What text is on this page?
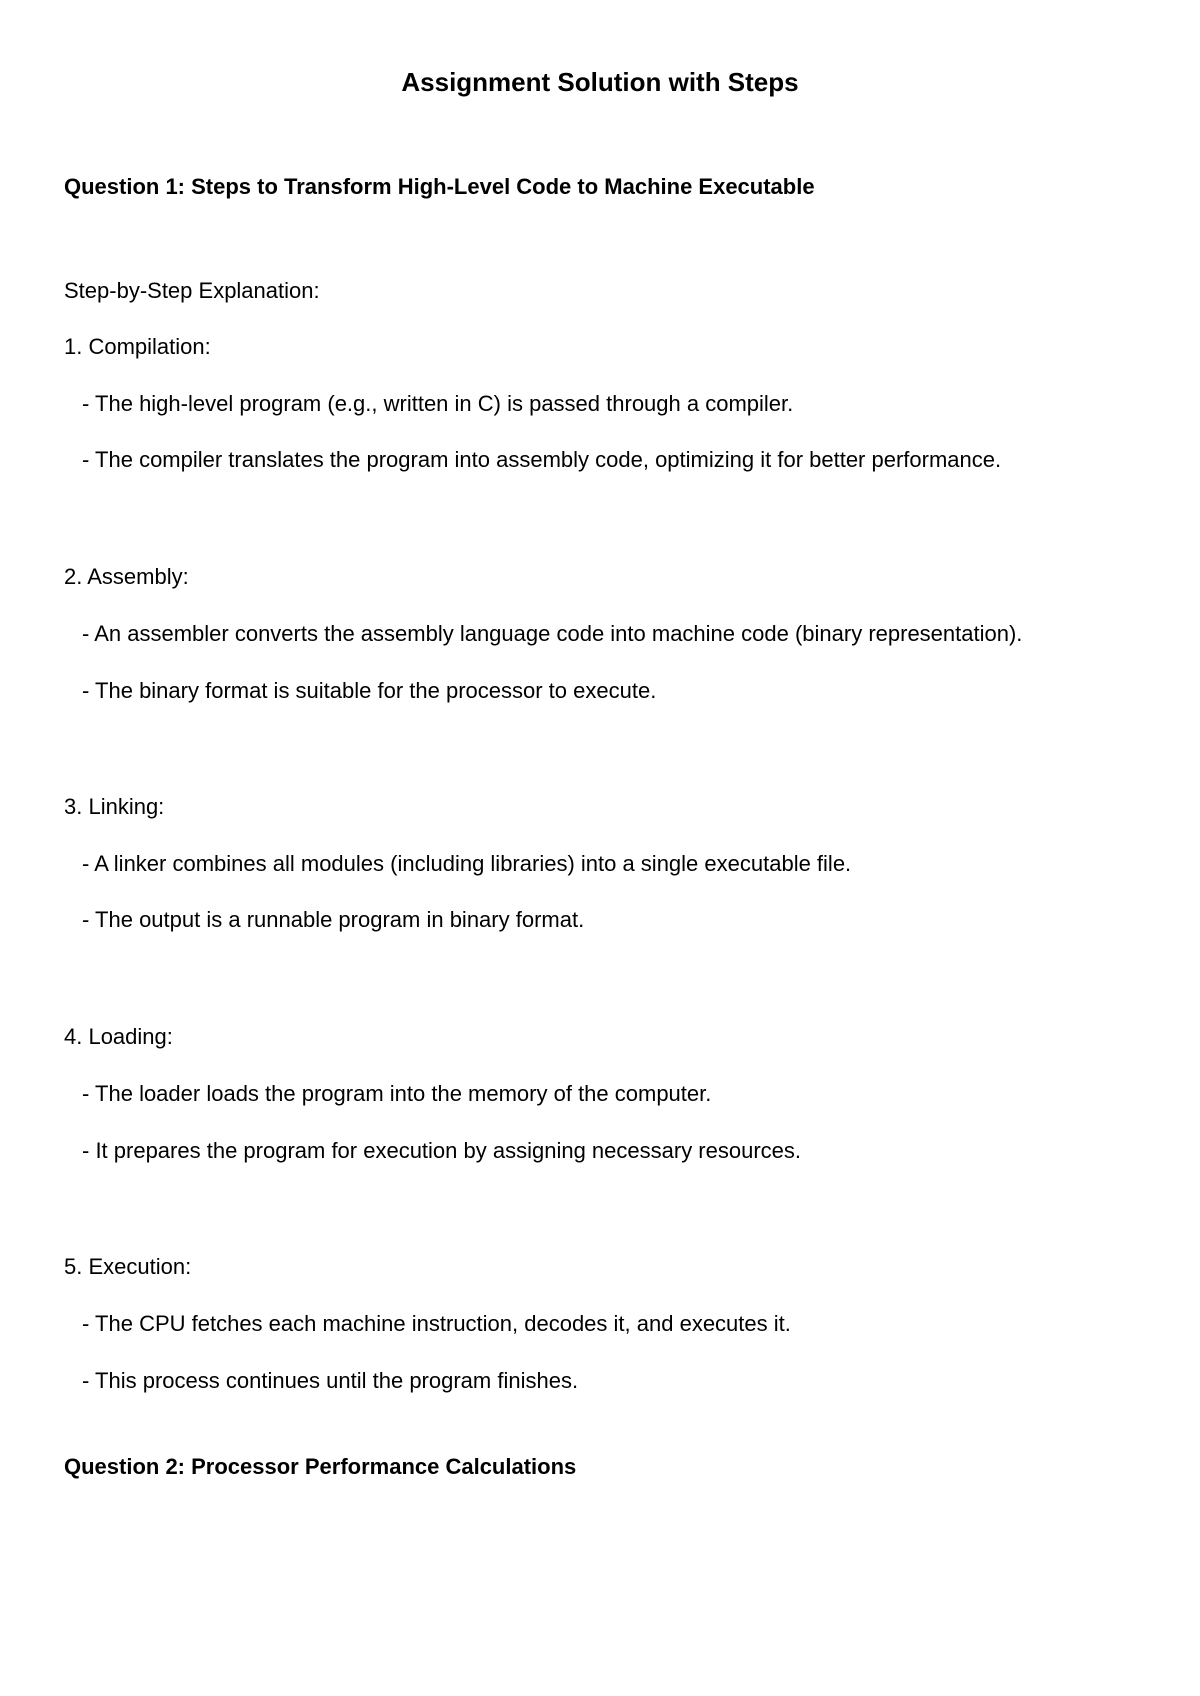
Assignment Solution with Steps
Question 1: Steps to Transform High-Level Code to Machine Executable
Step-by-Step Explanation:
1. Compilation:
- The high-level program (e.g., written in C) is passed through a compiler.
- The compiler translates the program into assembly code, optimizing it for better performance.
2. Assembly:
- An assembler converts the assembly language code into machine code (binary representation).
- The binary format is suitable for the processor to execute.
3. Linking:
- A linker combines all modules (including libraries) into a single executable file.
- The output is a runnable program in binary format.
4. Loading:
- The loader loads the program into the memory of the computer.
- It prepares the program for execution by assigning necessary resources.
5. Execution:
- The CPU fetches each machine instruction, decodes it, and executes it.
- This process continues until the program finishes.
Question 2: Processor Performance Calculations
